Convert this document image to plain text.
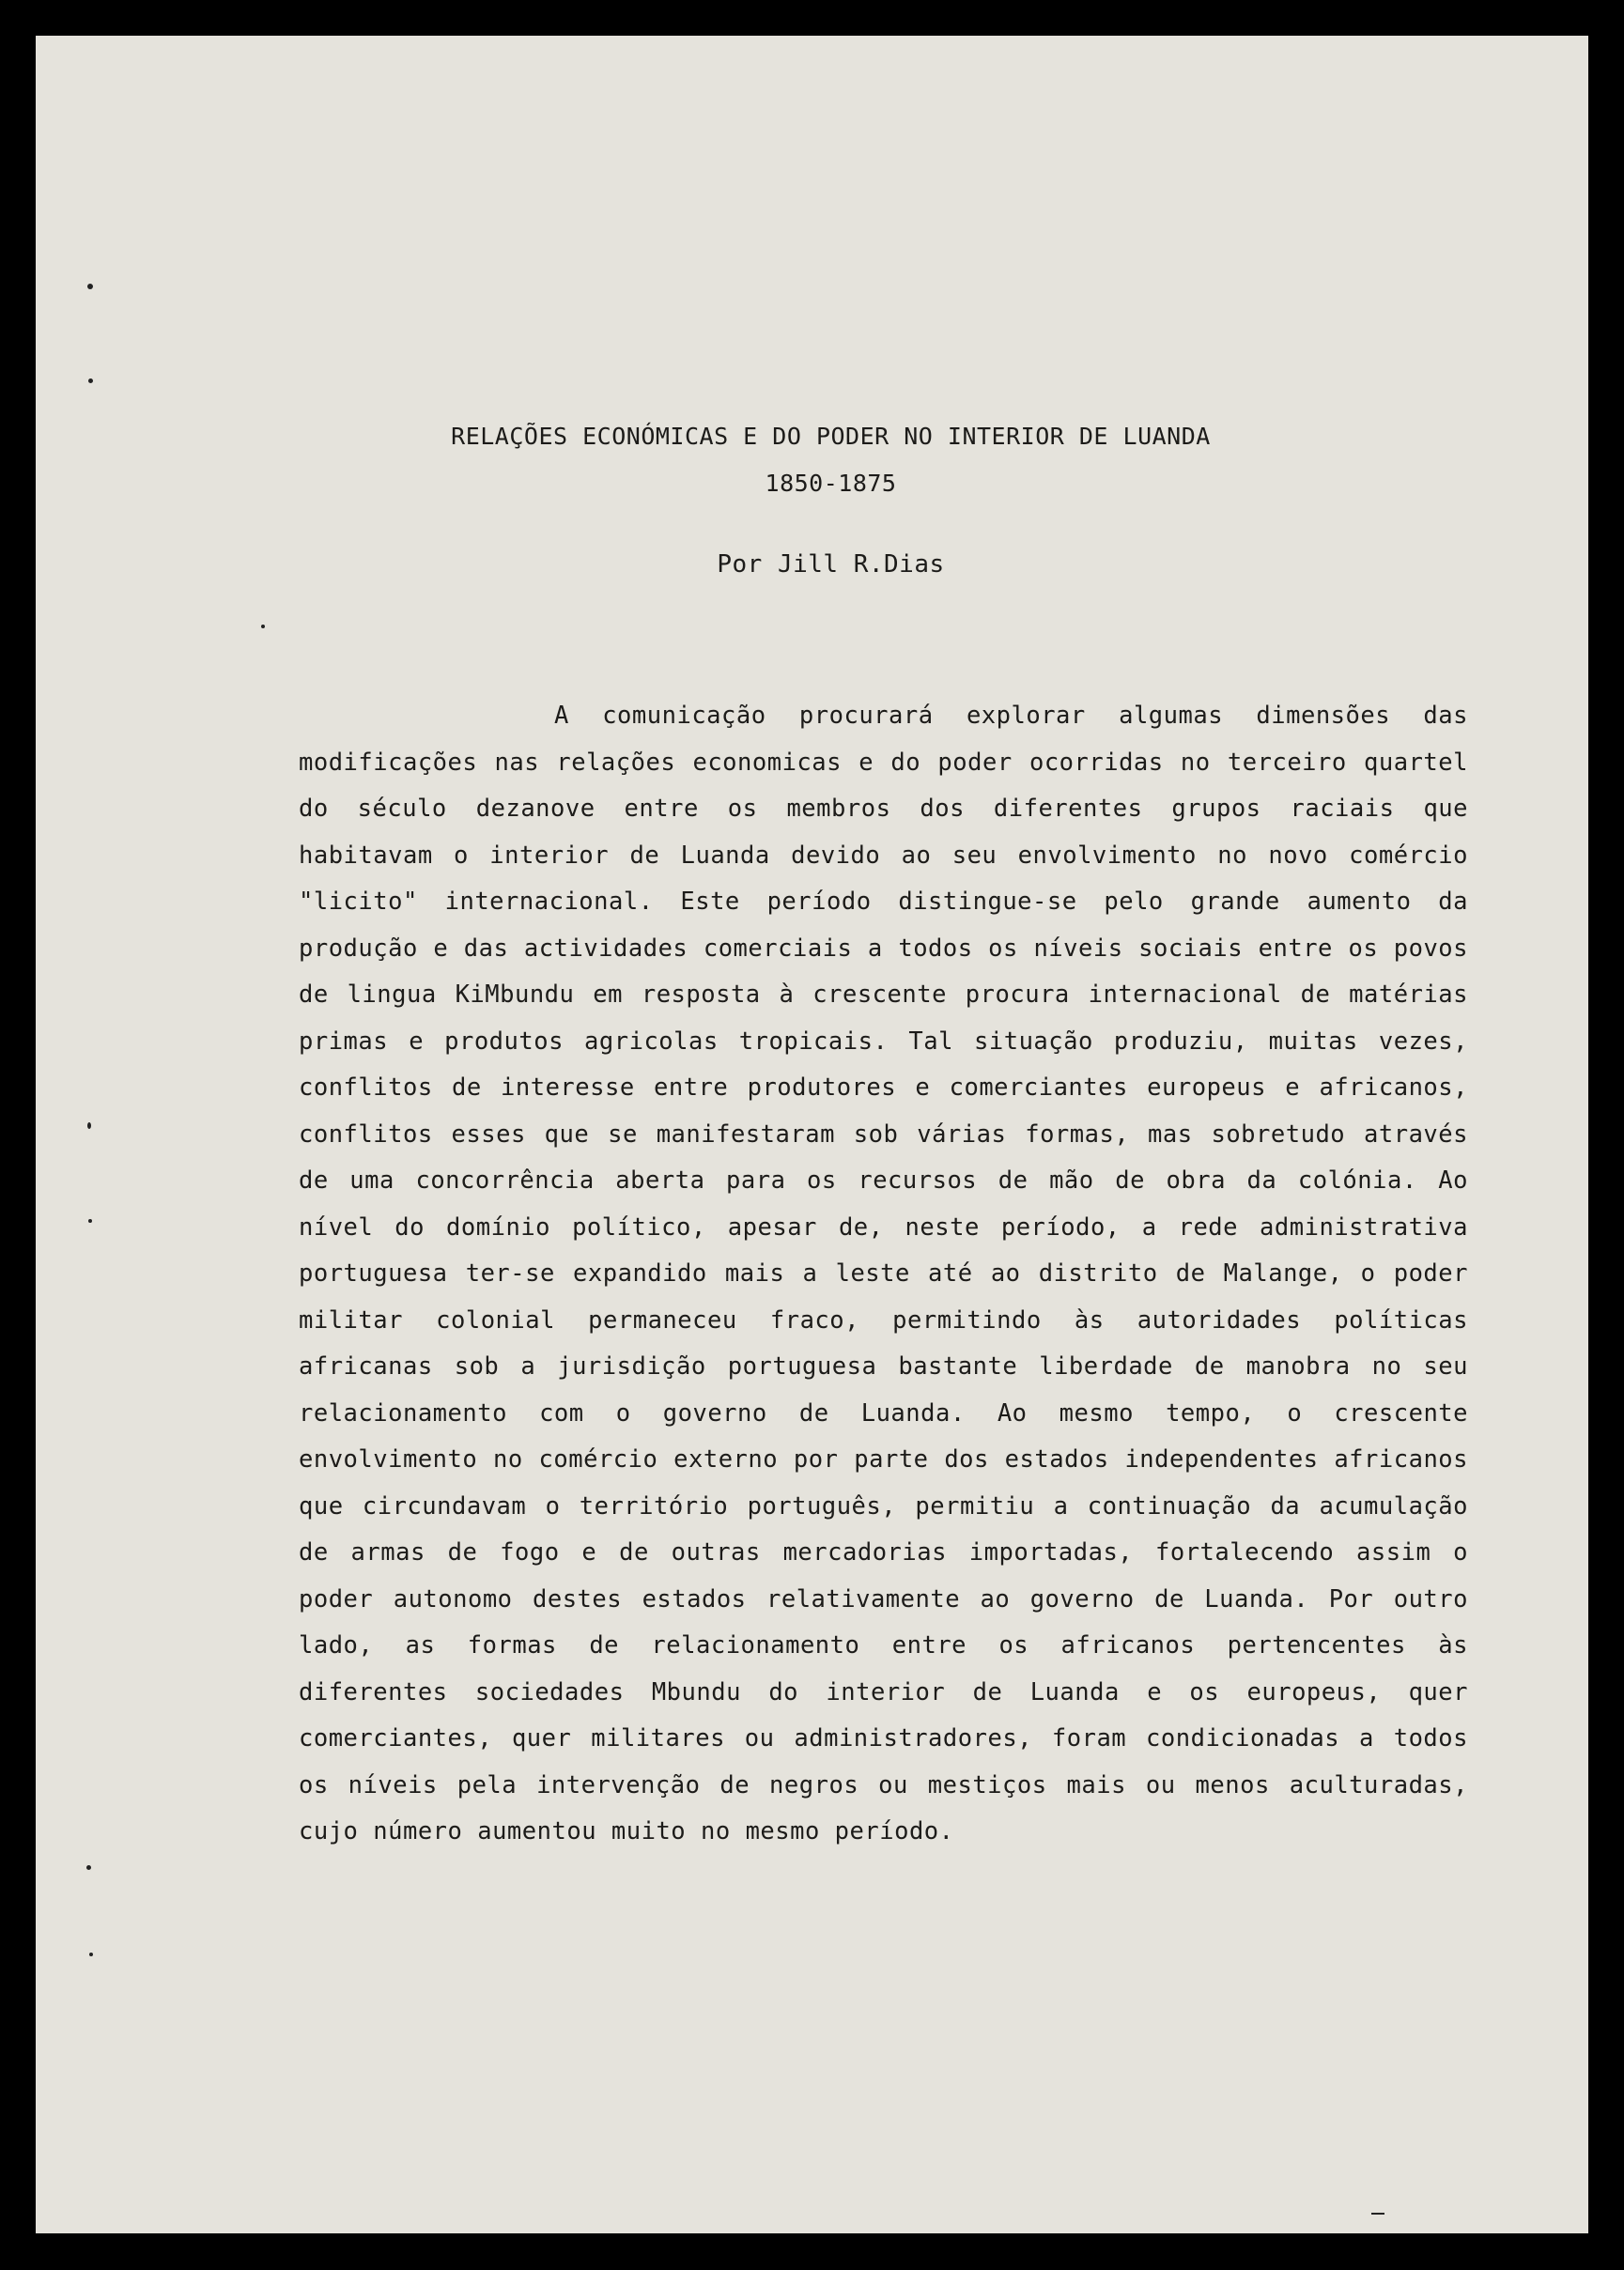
RELAÇÕES ECONÓMICAS E DO PODER NO INTERIOR DE LUANDA
1850-1875
Por Jill R.Dias

A comunicação procurará explorar algumas dimensões das modificações nas relações economicas e do poder ocorridas no terceiro quartel do século dezanove entre os membros dos diferentes grupos raciais que habitavam o interior de Luanda devido ao seu envolvimento no novo comércio "licito" internacional. Este período distingue-se pelo grande aumento da produção e das actividades comerciais a todos os níveis sociais entre os povos de lingua KiMbundu em resposta à crescente procura internacional de matérias primas e produtos agricolas tropicais. Tal situação produziu, muitas vezes, conflitos de interesse entre produtores e comerciantes europeus e africanos, conflitos esses que se manifestaram sob várias formas, mas sobretudo através de uma concorrência aberta para os recursos de mão de obra da colónia. Ao nível do domínio político, apesar de, neste período, a rede administrativa portuguesa ter-se expandido mais a leste até ao distrito de Malange, o poder militar colonial permaneceu fraco, permitindo às autoridades políticas africanas sob a jurisdição portuguesa bastante liberdade de manobra no seu relacionamento com o governo de Luanda. Ao mesmo tempo, o crescente envolvimento no comércio externo por parte dos estados independentes africanos que circundavam o território português, permitiu a continuação da acumulação de armas de fogo e de outras mercadorias importadas, fortalecendo assim o poder autonomo destes estados relativamente ao governo de Luanda. Por outro lado, as formas de relacionamento entre os africanos pertencentes às diferentes sociedades Mbundu do interior de Luanda e os europeus, quer comerciantes, quer militares ou administradores, foram condicionadas a todos os níveis pela intervenção de negros ou mestiços mais ou menos aculturadas, cujo número aumentou muito no mesmo período.
